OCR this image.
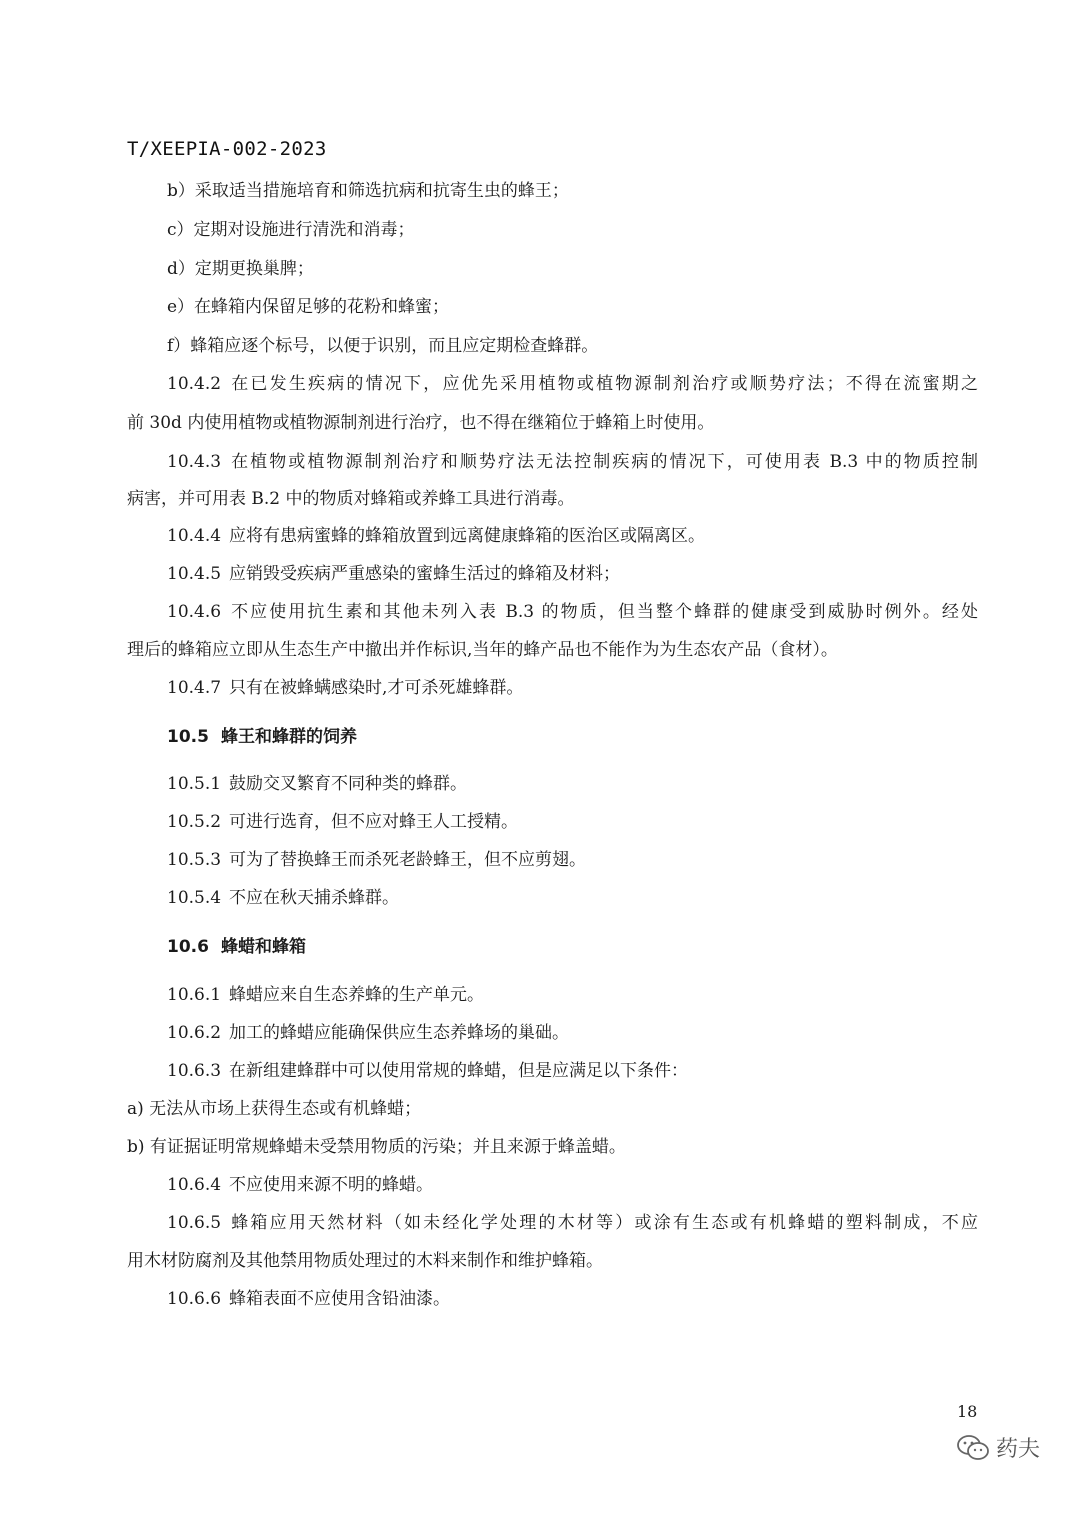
T/XEEPIA-002-2023
b）采取适当措施培育和筛选抗病和抗寄生虫的蜂王；
c）定期对设施进行清洗和消毒；
d）定期更换巢脾；
e）在蜂箱内保留足够的花粉和蜂蜜；
f）蜂箱应逐个标号，以便于识别，而且应定期检查蜂群。
10.4.2 在已发生疾病的情况下，应优先采用植物或植物源制剂治疗或顺势疗法；不得在流蜜期之
前 30d 内使用植物或植物源制剂进行治疗，也不得在继箱位于蜂箱上时使用。
10.4.3 在植物或植物源制剂治疗和顺势疗法无法控制疾病的情况下，可使用表 B.3 中的物质控制
病害，并可用表 B.2 中的物质对蜂箱或养蜂工具进行消毒。
10.4.4 应将有患病蜜蜂的蜂箱放置到远离健康蜂箱的医治区或隔离区。
10.4.5 应销毁受疾病严重感染的蜜蜂生活过的蜂箱及材料；
10.4.6 不应使用抗生素和其他未列入表 B.3 的物质，但当整个蜂群的健康受到威胁时例外。经处
理后的蜂箱应立即从生态生产中撤出并作标识,当年的蜂产品也不能作为为生态农产品（食材）。
10.4.7 只有在被蜂螨感染时,才可杀死雄蜂群。
10.5 蜂王和蜂群的饲养
10.5.1 鼓励交叉繁育不同种类的蜂群。
10.5.2 可进行选育，但不应对蜂王人工授精。
10.5.3 可为了替换蜂王而杀死老龄蜂王，但不应剪翅。
10.5.4 不应在秋天捕杀蜂群。
10.6 蜂蜡和蜂箱
10.6.1 蜂蜡应来自生态养蜂的生产单元。
10.6.2 加工的蜂蜡应能确保供应生态养蜂场的巢础。
10.6.3 在新组建蜂群中可以使用常规的蜂蜡，但是应满足以下条件：
a) 无法从市场上获得生态或有机蜂蜡；
b) 有证据证明常规蜂蜡未受禁用物质的污染；并且来源于蜂盖蜡。
10.6.4 不应使用来源不明的蜂蜡。
10.6.5 蜂箱应用天然材料（如未经化学处理的木材等）或涂有生态或有机蜂蜡的塑料制成，不应
用木材防腐剂及其他禁用物质处理过的木料来制作和维护蜂箱。
10.6.6 蜂箱表面不应使用含铅油漆。
18
药夫
